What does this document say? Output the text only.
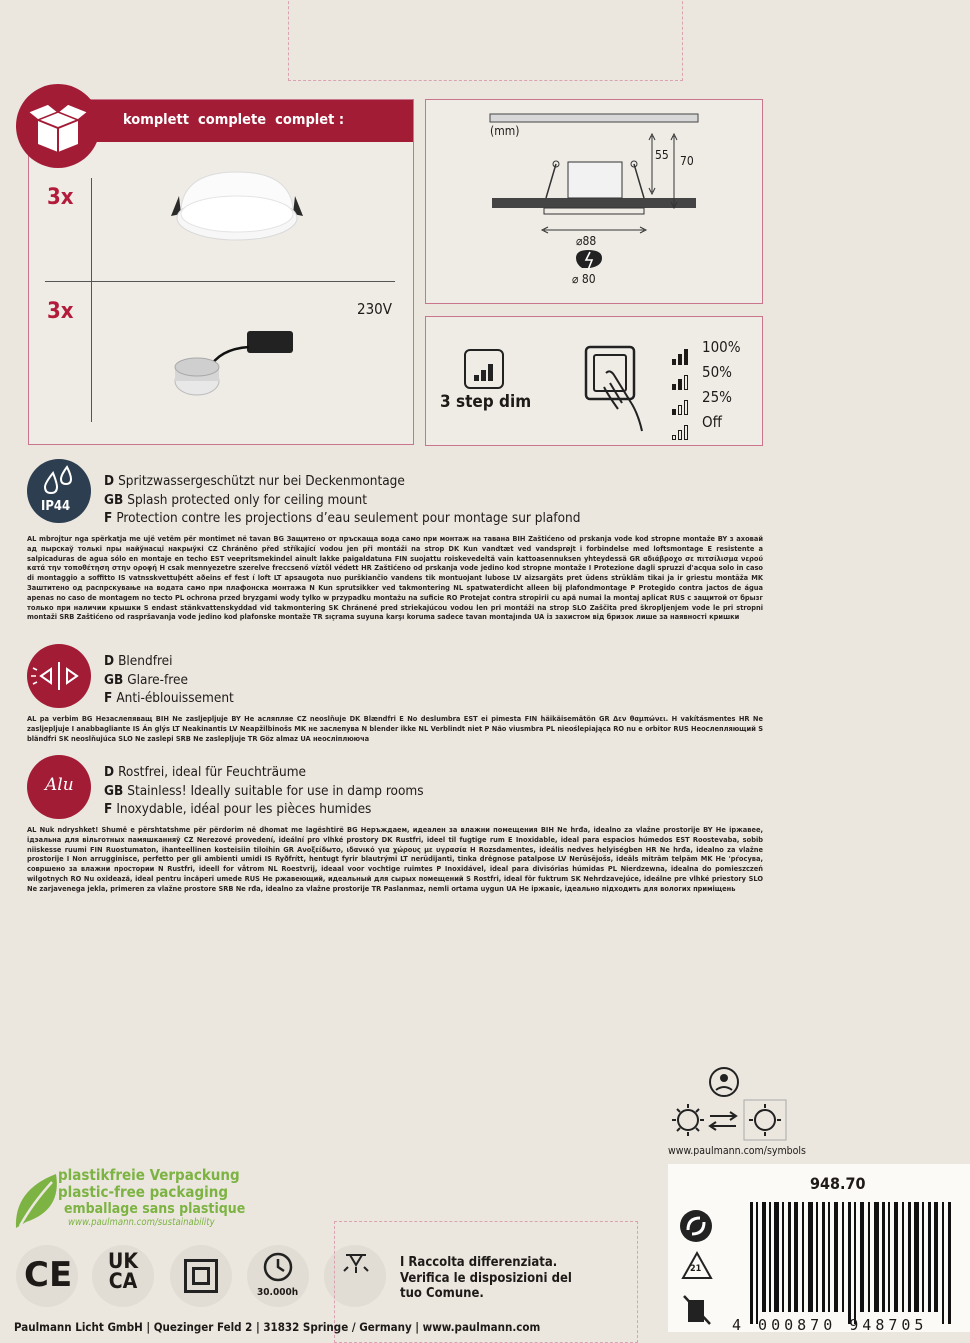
komplett  complete  complet :
3x
3x	230V
(mm)
55 70
⌀88
⌀ 80
3 step dim
100%
50%
25%
Off
IP44
D Spritzwassergeschützt nur bei Deckenmontage
GB Splash protected only for ceiling mount
F Protection contre les projections d’eau seulement pour montage sur plafond
AL mbrojtur nga spërkatja me ujë vetëm për montimet në tavan BG Защитено от пръскаща вода само при монтаж на тавана BIH Zaštićeno od prskanja vode kod stropne montaže BY з аховай ад пырскаў толькі пры найўнасці накрыўкі CZ Chráněno před stříkající vodou jen při montáži na strop DK Kun vandtæt ved vandsprøjt i forbindelse med loftsmontage E resistente a salpicaduras de agua sólo en montaje en techo EST veepritsmekindel ainult lakke paigaldatuna FIN suojattu roiskevedeltä vain kattoasennuksen yhteydessä GR αδιάβροχο σε πιτσίλισμα νερού κατά την τοποθέτηση στην οροφή H csak mennyezetre szerelve freccsenő víztől védett HR Zaštićeno od prskanja vode jedino kod stropne montaže I Protezione dagli spruzzi d'acqua solo in caso di montaggio a soffitto IS vatnsskvettuþétt aðeins ef fest í loft LT apsaugota nuo purškiančio vandens tik montuojant lubose LV aizsargāts pret ūdens strūklām tikai ja ir griestu montāža MK Заштитено од распрскување на водата само при плафонска монтажа N Kun sprutsikker ved takmontering NL spatwaterdicht alleen bij plafondmontage P Protegido contra jactos de água apenas no caso de montagem no tecto PL ochrona przed bryzgami wody tylko w przypadku montażu na suficie RO Protejat contra stropirii cu apă numai la montaj aplicat RUS с защитой от брызг только при наличии крышки S endast stänkvattenskyddad vid takmontering SK Chránené pred striekajúcou vodou len pri montáži na strop SLO Zaščita pred škropljenjem vode le pri stropni montaži SRB Zaštićeno od raspršavanja vode jedino kod plafonske montaže TR sıçrama suyuna karşı koruma sadece tavan montajında UA із захистом від бризок лише за наявності кришки
D Blendfrei
GB Glare-free
F Anti-éblouissement
AL pa verbim BG Незаслепяващ BIH Ne zasljepljuje BY Не асляпляе CZ neoslňuje DK Blændfri E No deslumbra EST ei pimesta FIN häikäisemätön GR Δεν θαμπώνει. H vakításmentes HR Ne zasljepljuje I anabbagliante IS Án glýs LT Neakinantis LV Neapžilbinošs MK не заслепува N blender ikke NL Verblindt niet P Não viusmbra PL nieoślepiająca RO nu e orbitor RUS Неослепляющий S bländfri SK neoslňujúca SLO Ne zaslepi SRB Ne zasleplјuje TR Göz almaz UA неосліплююча
Alu
D Rostfrei, ideal für Feuchträume
GB Stainless! Ideally suitable for use in damp rooms
F Inoxydable, idéal pour les pièces humides
AL Nuk ndryshket! Shumë e përshtatshme për përdorim në dhomat me lagështirë BG Неръждаем, идеален за влажни помещения BIH Ne hrđa, idealno za vlažne prostorije BY Не іржавее, ідэальна для вільготных памяшканняў CZ Nerezové provedení, ideální pro vlhké prostory DK Rustfri, ideel til fugtige rum E Inoxidable, ideal para espacios húmedos EST Roostevaba, sobib niiskesse ruumi FIN Ruostumaton, ihanteellinen kosteisiin tiloihin GR Ανοξείδωτο, ιδανικό για χώρους με υγρασία H Rozsdamentes, ideális nedves helyiségben HR Ne hrđa, idealno za vlažne prostorije I Non arrugginisce, perfetto per gli ambienti umidi IS Ryðfrítt, hentugt fyrir blautrými LT nerūdijanti, tinka drėgnose patalpose LV Nerūsējošs, ideāls mitrām telpām MK Не 'рѓосува, совршено за влажни простории N Rustfri, ideell for våtrom NL Roestvrij, ideaal voor vochtige ruimtes P Inoxidável, ideal para divisórias húmidas PL Nierdzewna, idealna do pomieszczeń wilgotnych RO Nu oxidează, ideal pentru încăperi umede RUS Не ржавеющий, идеальный для сырых помещений S Rostfri, ideal för fuktrum SK Nehrdzavejúce, ideálne pre vlhké priestory SLO Ne zarjavenega jekla, primeren za vlažne prostore SRB Ne rđa, idealno za vlažne prostorije TR Paslanmaz, nemli ortama uygun UA Не іржавіє, ідеально підходить для вологих приміщень
www.paulmann.com/symbols
948.70
21
4 000870 948705
plastikfreie Verpackung
plastic-free packaging
emballage sans plastique
www.paulmann.com/sustainability
CE UK CA	30.000h
I Raccolta differenziata.
Verifica le disposizioni del
tuo Comune.
Paulmann Licht GmbH | Quezinger Feld 2 | 31832 Springe / Germany | www.paulmann.com
